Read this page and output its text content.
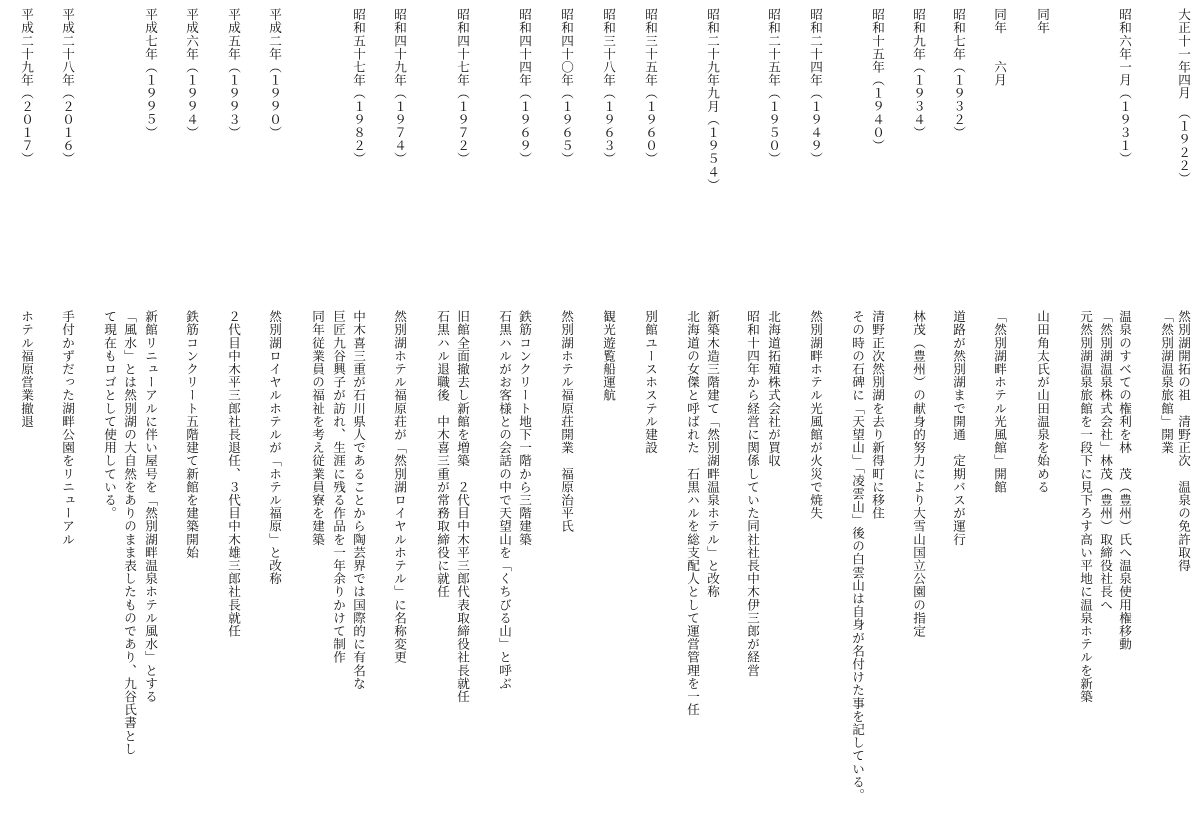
大正十一年四月　（１９２２）
然別湖開拓の祖　清野正次　温泉の免許取得
「然別湖温泉旅館」開業
昭和六年一月（１９３１）
温泉のすべての権利を林　茂（豊州）氏へ温泉使用権移動
「然別湖温泉株式会社」林茂（豊州）取締役社長へ
元然別湖温泉旅館を一段下に見下ろす高い平地に温泉ホテルを新築
同年
山田角太氏が山田温泉を始める
同年　　六月
「然別湖畔ホテル光風館」開館
昭和七年（１９３２）
道路が然別湖まで開通　定期バスが運行
昭和九年（１９３４）
林茂（豊州）の献身的努力により大雪山国立公園の指定
昭和十五年（１９４０）
清野正次然別湖を去り新得町に移住
その時の石碑に「天望山」「凌雲山」後の白雲山は自身が名付けた事を記している。
昭和二十四年（１９４９）
然別湖畔ホテル光風館が火災で焼失
昭和二十五年（１９５０）
北海道拓殖株式会社が買収
昭和十四年から経営に関係していた同社社長中木伊三郎が経営
昭和二十九年九月（１９５４）
新築木造三階建て「然別湖畔温泉ホテル」と改称
北海道の女傑と呼ばれた　石黒ハルを総支配人として運営管理を一任
昭和三十五年（１９６０）
別館ユースホステル建設
昭和三十八年（１９６３）
観光遊覧船運航
昭和四十〇年（１９６５）
然別湖ホテル福原荘開業　福原治平氏
昭和四十四年（１９６９）
鉄筋コンクリート地下一階から三階建築
石黒ハルがお客様との会話の中で天望山を「くちびる山」と呼ぶ
昭和四十七年（１９７２）
旧館全面撤去し新館を増築　２代目中木平三郎代表取締役社長就任
石黒ハル退職後　中木喜三重が常務取締役に就任
昭和四十九年（１９７４）
然別湖ホテル福原荘が「然別湖ロイヤルホテル」に名称変更
昭和五十七年（１９８２）
中木喜三重が石川県人であることから陶芸界では国際的に有名な
巨匠九谷興子が訪れ、生涯に残る作品を一年余りかけて制作
同年従業員の福祉を考え従業員寮を建築
平成二年（１９９０）
然別湖ロイヤルホテルが「ホテル福原」と改称
平成五年（１９９３）
２代目中木平三郎社長退任、３代目中木雄三郎社長就任
平成六年（１９９４）
鉄筋コンクリート五階建て新館を建築開始
平成七年（１９９５）
新館リニューアルに伴い屋号を「然別湖畔温泉ホテル風水」とする
「風水」とは然別湖の大自然をありのまま表したものであり、九谷氏書とし
て現在もロゴとして使用している。
平成二十八年（２０１６）
手付かずだった湖畔公園をリニューアル
平成二十九年（２０１７）
ホテル福原営業撤退
